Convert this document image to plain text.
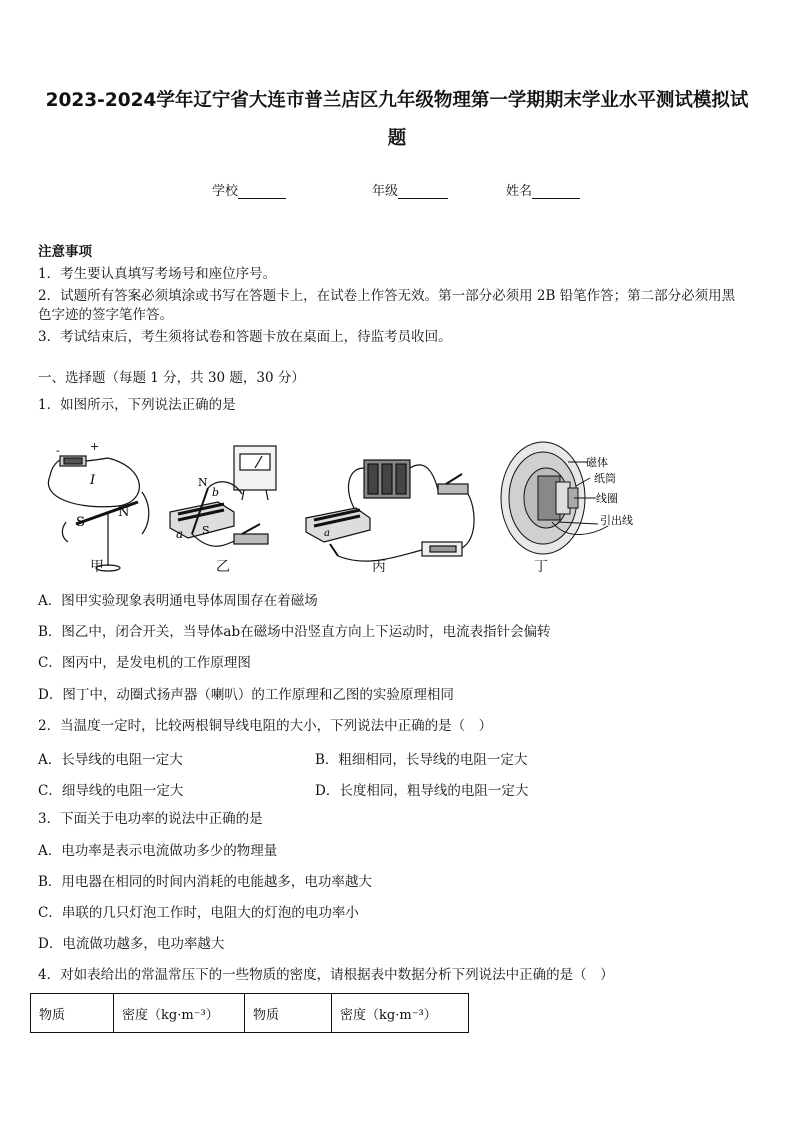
2023-2024学年辽宁省大连市普兰店区九年级物理第一学期期末学业水平测试模拟试
题
学校	年级	姓名
注意事项
1．考生要认真填写考场号和座位序号。
2．试题所有答案必须填涂或书写在答题卡上，在试卷上作答无效。第一部分必须用 2B 铅笔作答；第二部分必须用黑
色字迹的签字笔作答。
3．考试结束后，考生须将试卷和答题卡放在桌面上，待监考员收回。
一、选择题（每题 1 分，共 30 题，30 分）
1．如图所示，下列说法正确的是
-	+
I
S
N
N
b
a S	a
磁体
纸筒
线圈
引出线
甲	乙	丙	丁
A．图甲实验现象表明通电导体周围存在着磁场
B．图乙中，闭合开关，当导体ab在磁场中沿竖直方向上下运动时，电流表指针会偏转
C．图丙中，是发电机的工作原理图
D．图丁中，动圈式扬声器（喇叭）的工作原理和乙图的实验原理相同
2．当温度一定时，比较两根铜导线电阻的大小，下列说法中正确的是（　）
A．长导线的电阻一定大	B．粗细相同，长导线的电阻一定大
C．细导线的电阻一定大	D．长度相同，粗导线的电阻一定大
3．下面关于电功率的说法中正确的是
A．电功率是表示电流做功多少的物理量
B．用电器在相同的时间内消耗的电能越多，电功率越大
C．串联的几只灯泡工作时，电阻大的灯泡的电功率小
D．电流做功越多，电功率越大
4．对如表给出的常温常压下的一些物质的密度，请根据表中数据分析下列说法中正确的是（　）
物质	密度（kg·m⁻³）	物质	密度（kg·m⁻³）
